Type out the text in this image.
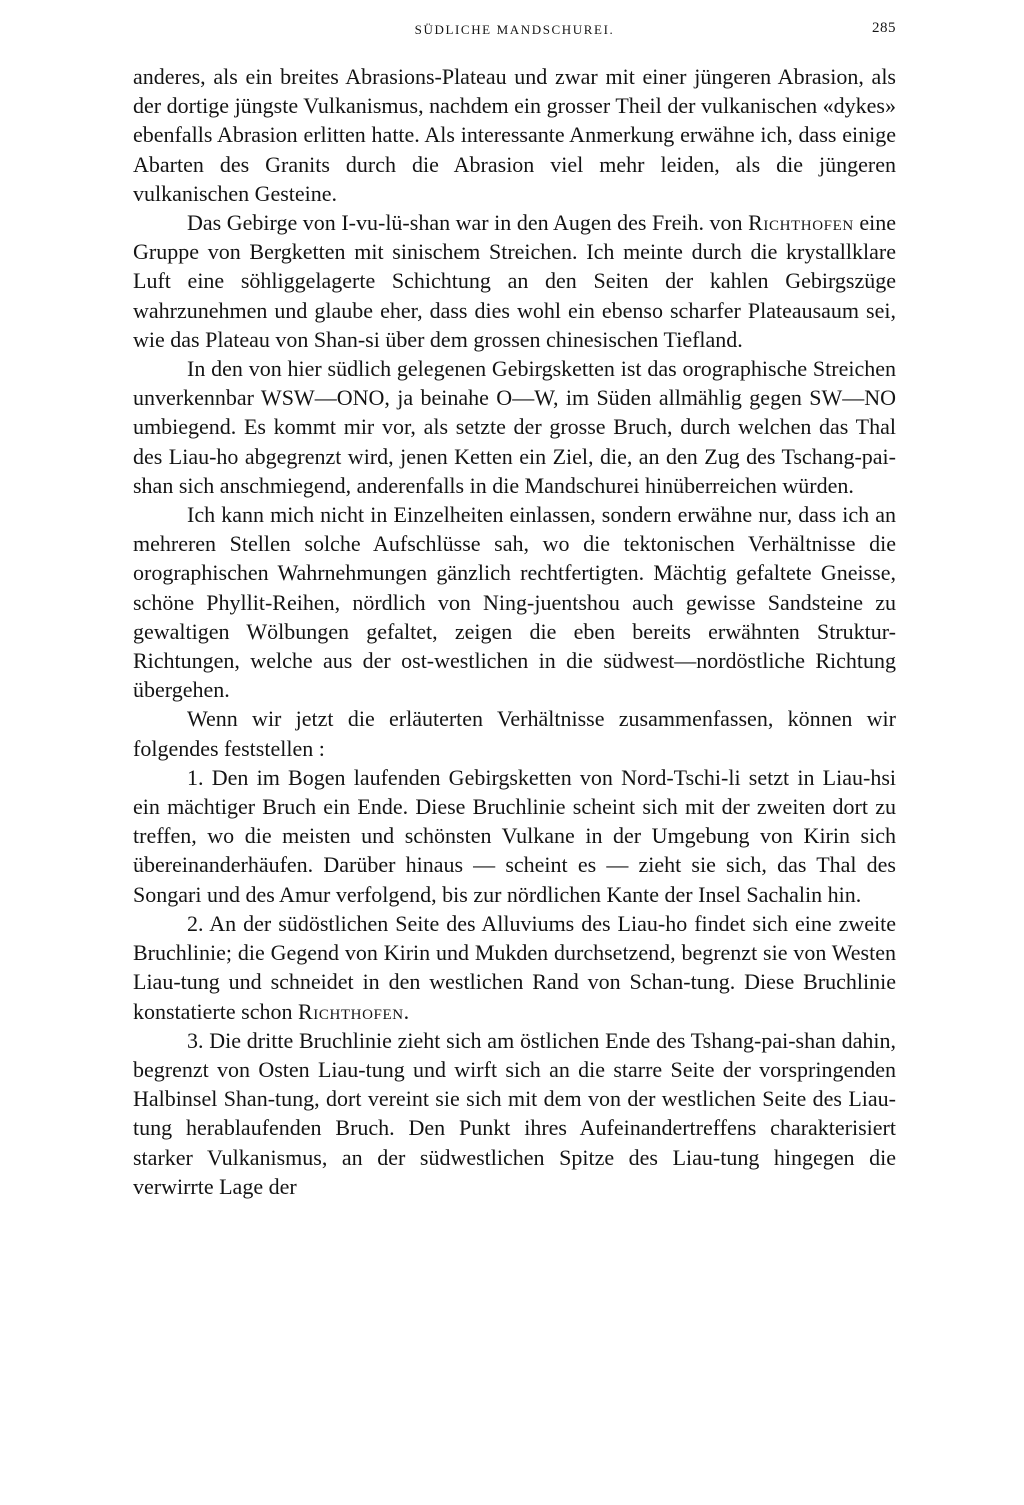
SÜDLICHE MANDSCHUREI.	285

anderes, als ein breites Abrasions-Plateau und zwar mit einer jüngeren Abrasion, als der dortige jüngste Vulkanismus, nachdem ein grosser Theil der vulkanischen «dykes» ebenfalls Abrasion erlitten hatte. Als interessante Anmerkung erwähne ich, dass einige Abarten des Granits durch die Abrasion viel mehr leiden, als die jüngeren vulkanischen Gesteine.

Das Gebirge von I-vu-lü-shan war in den Augen des Freih. von Richthofen eine Gruppe von Bergketten mit sinischem Streichen. Ich meinte durch die krystallklare Luft eine söhliggelagerte Schichtung an den Seiten der kahlen Gebirgszüge wahrzunehmen und glaube eher, dass dies wohl ein ebenso scharfer Plateausaum sei, wie das Plateau von Shan-si über dem grossen chinesischen Tiefland.

In den von hier südlich gelegenen Gebirgsketten ist das orographische Streichen unverkennbar WSW—ONO, ja beinahe O—W, im Süden allmählig gegen SW—NO umbiegend. Es kommt mir vor, als setzte der grosse Bruch, durch welchen das Thal des Liau-ho abgegrenzt wird, jenen Ketten ein Ziel, die, an den Zug des Tschang-pai-shan sich anschmiegend, anderenfalls in die Mandschurei hinüberreichen würden.

Ich kann mich nicht in Einzelheiten einlassen, sondern erwähne nur, dass ich an mehreren Stellen solche Aufschlüsse sah, wo die tektonischen Verhältnisse die orographischen Wahrnehmungen gänzlich rechtfertigten. Mächtig gefaltete Gneisse, schöne Phyllit-Reihen, nördlich von Ning-juentshou auch gewisse Sandsteine zu gewaltigen Wölbungen gefaltet, zeigen die eben bereits erwähnten Struktur-Richtungen, welche aus der ost-westlichen in die südwest—nordöstliche Richtung übergehen.

Wenn wir jetzt die erläuterten Verhältnisse zusammenfassen, können wir folgendes feststellen :

1. Den im Bogen laufenden Gebirgsketten von Nord-Tschi-li setzt in Liau-hsi ein mächtiger Bruch ein Ende. Diese Bruchlinie scheint sich mit der zweiten dort zu treffen, wo die meisten und schönsten Vulkane in der Umgebung von Kirin sich übereinanderhäufen. Darüber hinaus — scheint es — zieht sie sich, das Thal des Songari und des Amur verfolgend, bis zur nördlichen Kante der Insel Sachalin hin.

2. An der südöstlichen Seite des Alluviums des Liau-ho findet sich eine zweite Bruchlinie; die Gegend von Kirin und Mukden durchsetzend, begrenzt sie von Westen Liau-tung und schneidet in den westlichen Rand von Schan-tung. Diese Bruchlinie konstatierte schon Richthofen.

3. Die dritte Bruchlinie zieht sich am östlichen Ende des Tshang-pai-shan dahin, begrenzt von Osten Liau-tung und wirft sich an die starre Seite der vorspringenden Halbinsel Shan-tung, dort vereint sie sich mit dem von der westlichen Seite des Liau-tung herablaufenden Bruch. Den Punkt ihres Aufeinandertreffens charakterisiert starker Vulkanismus, an der südwestlichen Spitze des Liau-tung hingegen die verwirrte Lage der
